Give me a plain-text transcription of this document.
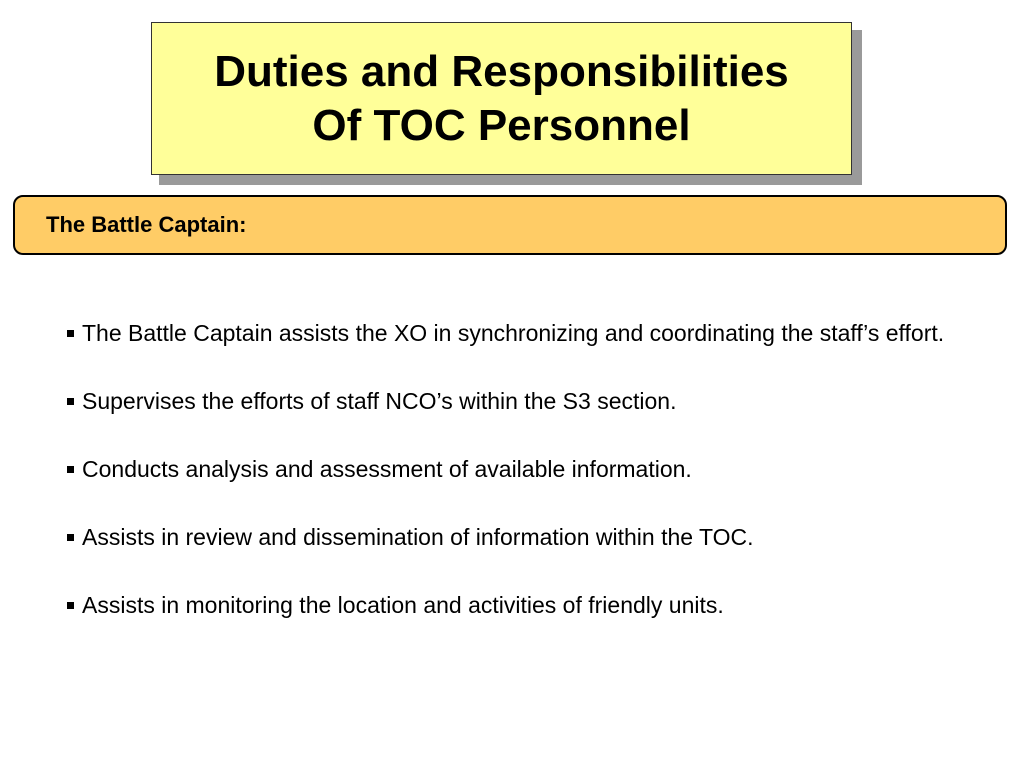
Duties and Responsibilities
Of TOC Personnel
The Battle Captain:
The Battle Captain assists the XO in synchronizing and coordinating the staff’s effort.
Supervises the efforts of staff NCO’s within the S3 section.
Conducts analysis and assessment of available information.
Assists in review and dissemination of information within the TOC.
Assists in monitoring the location and activities of friendly units.
